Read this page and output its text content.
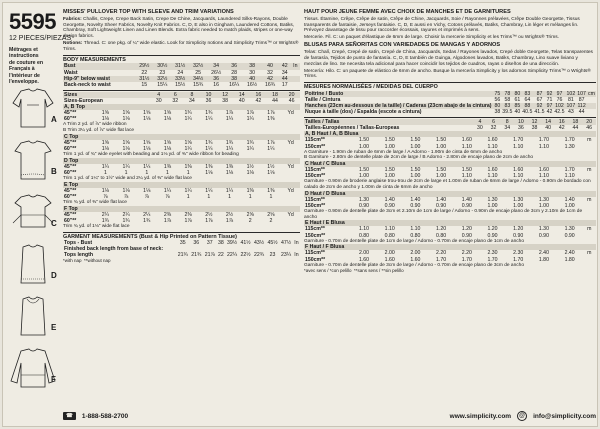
5595
12 PIECES/PIEZAS
Métrages et instructions
de couture en Français à
l'intérieur de
l'enveloppe.
A
B
C
D
E
F
MISSES' PULLOVER TOP WITH SLEEVE AND TRIM VARIATIONS
Fabrics: Challis, Crepe, Crepe Back Satin, Crepe De Chine, Jacquards, Laundered Silks-Rayons, Double Georgette, Novelty Sheer Fabrics, Novelty Knit Fabrics. C, D, E also in Gingham, Laundered Cottons, Batiks, Chambray, Soft Lightweight Linen and Linen Blends. Extra fabric needed to match plaids, stripes or one-way design fabrics.
Notions: Thread. C: one pkg. of ¼" wide elastic. Look for Simplicity notions and Simplicity Trims™ or Wrights® Trims.
BODY MEASUREMENTS
Bust	29½	30½	31½	32½	34	36	38	40	42	In
Waist	22	23	24	25	26½	28	30	32	34	
Hip-9" below waist	31½	32½	33½	34½	36	38	40	42	44	
Back-neck to waist	15	15¼	15½	15¾	16	16¼	16½	16¾	17	
Sizes	4	6	8	10	12	14	16	18	20
Sizes-European	30	32	34	36	38	40	42	44	46
A, B Top										
45"**	1⅝	1⅝	1⅝	1⅝	1¾	1¾	1⅞	1⅞	1⅞	Yd
60"**	1⅛	1⅛	1⅛	1⅛	1¼	1¼	1¼	1¼	1⅜	
A Trim 2 yd. of ⅞" wide ribbon
B Trim 3¼ yd. of ⅞" wide flat lace
C Top										
45"**	1⅝	1⅝	1⅝	1⅝	1⅝	1¾	1¾	1¾	1⅞	Yd
60"**	1⅛	1⅛	1⅛	1⅛	1¼	1¼	1¼	1¼	1¼	
Trim 1 yd. of ¾" wide eyelet with beading and 1⅛ yd. of ⅜" wide ribbon for beading
D Top										
45"**	1¼	1¼	1¼	1⅜	1⅜	1⅜	1⅜	1½	1½	Yd
60"**	1	1	1	1	1	1⅛	1⅛	1⅛	1⅛	
Trim 1 yd. of 1¼" to 1½" wide and 2¼ yd. of ⅜" wide flat lace
E Top										
45"**	1⅛	1⅛	1⅛	1¼	1¼	1¼	1¼	1⅜	1⅜	Yd
60"**	⅞	⅞	⅞	⅞	1	1	1	1	1	
Trim ¾ yd. of ⅜" wide flat lace
F Top										
45"**	2¼	2¼	2¼	2⅜	2⅜	2½	2½	2⅝	2⅝	Yd
60"**	1¾	1¾	1¾	1⅞	1⅞	1⅞	1⅞	2	2	
Trim ¾ yd. of 1⅛" wide flat lace
GARMENT MEASUREMENTS (Bust & Hip Printed on Pattern Tissue)
Tops - Bust	35	36	37	38	39½	41½	43½	45½	47½	In
Finished back length from base of neck:										
Tops length	21¾	21¾	21⅞	22	22¼	22½	22¾	23	23¼	In
*with nap **without nap
HAUT POUR JEUNE FEMME AVEC CHOIX DE MANCHES ET DE GARNITURES
Tissus. Étamine, Crêpe, Crêpe de satin, Crêpe de Chine, Jacquards, Soie / Rayonnes prélavées, Crêpe Double Georgette, Tissus transparents de fantaisie, Jerseys fantaisie. C, D, E aussi en Vichy, Cotons prélavés, Batiks, Chambray, Lin léger et mélanges lin. Prévoyez davantage de tissu pour raccorder écossais, rayures et imprimés à sens.
Mercerie. Fil. C: un paquet d'élastique de 6mm de large. Choisir la mercerie Simplicity et les Trims™ ou Wrights® Trims.
BLUSAS PARA SEÑORITAS CON VARIEDADES DE MANGAS Y ADORNOS
Telas: Chalí, Crepé, Crepé de satín, Crepé de China, Jacquards, Sedas / Rayones lavados, Crepé doble Georgette, Telas transparentes de fantasía, Tejidos de punto de fantasía. C, D, E también de Guinga, Algodones lavados, Batiks, Chambray, Lino suave liviano y mezclas de lino. Se necesita tela adicional para hacer coincidir los tejidos de cuadros, rayas o diseños de una dirección.
Mercería: Hilo. C: un paquete de elástico de 6mm de ancho. Busque la mercería Simplicity y los adornos Simplicity Trims™ o Wrights® Trims.
MESURES NORMALISÉES / MEDIDAS DEL CUERPO
Poitrine / Busto	75	78	80	83	87	92	97	102	107	cm
Taille / Cintura	56	58	61	64	67	71	76	81	87	
Hanches (23cm au-dessous de la taille) / Caderas (23cm abajo de la cintura)	80	83	85	88	92	97	102	107	112	
Nuque à taille (dos) / Espalda (escote a cintura)	38	39.5	40	40.5	41.5	42	42.5	43	44	
Tailles / Tallas	4	6	8	10	12	14	16	18	20
Tailles-Européennes / Tallas-Europeas	30	32	34	36	38	40	42	44	46
A, B Haut / A, B Blusa										
115cm**	1.50	1.50	1.50	1.50	1.60	1.60	1.70	1.70	1.70	m
150cm**	1.00	1.00	1.00	1.00	1.10	1.10	1.10	1.10	1.30	
A Garniture - 1.90m de ruban de 6mm de large / A Adorno - 1.90m de cinta de 6mm de ancho
B Garniture - 2.80m de dentelle plate de 2cm de large / B Adorno - 2.80m de encaje plano de 2cm de ancho
C Haut / C Blusa										
115cm**	1.50	1.50	1.50	1.50	1.50	1.60	1.60	1.60	1.70	m
150cm**	1.00	1.00	1.00	1.00	1.10	1.10	1.10	1.10	1.10	
Garniture - 0.90m de broderie anglaise trou-trou de 2cm de large et 1.00m de ruban de 6mm de large / Adorno - 0.90m de bordado con calado de 2cm de ancho y 1.00m de cinta de 6mm de ancho
D Haut / D Blusa										
115cm**	1.30	1.40	1.40	1.40	1.40	1.30	1.30	1.30	1.40	m
150cm**	0.90	0.90	0.90	0.90	0.90	1.00	1.00	1.00	1.00	
Garniture - 0.90m de dentelle plate de 3cm et 2.10m de 1cm de large / Adorno - 0.90m de encaje plano de 3cm y 2.10m de 1cm de ancho
E Haut / E Blusa										
115cm**	1.10	1.10	1.10	1.20	1.20	1.20	1.20	1.30	1.30	m
150cm**	0.80	0.80	0.80	0.80	0.90	0.90	0.90	0.90	0.90	
Garniture - 0.70m de dentelle plate de 1cm de large / Adorno - 0.70m de encaje plano de 1cm de ancho
F Haut / F Blusa										
115cm**	2.00	2.00	2.00	2.20	2.20	2.30	2.30	2.40	2.40	m
150cm**	1.60	1.60	1.60	1.70	1.70	1.70	1.70	1.80	1.80	
Garniture - 0.70m de dentelle plate de 3cm de large / Adorno - 0.70m de encaje plano de 3cm de ancho
*avec sens / *con pelillo **sans sens / **sin pelillo
☎	1-888-588-2700	www.simplicity.com	@	info@simplicity.com
